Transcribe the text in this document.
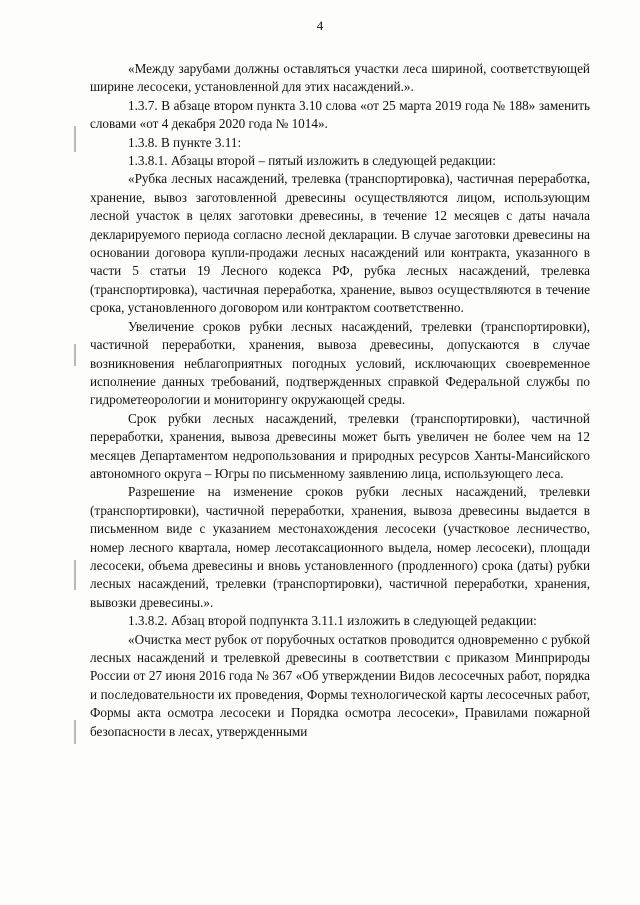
4

«Между зарубами должны оставляться участки леса шириной, соответствующей ширине лесосеки, установленной для этих насаждений.».

1.3.7. В абзаце втором пункта 3.10 слова «от 25 марта 2019 года № 188» заменить словами «от 4 декабря 2020 года № 1014».

1.3.8. В пункте 3.11:

1.3.8.1. Абзацы второй – пятый изложить в следующей редакции:

«Рубка лесных насаждений, трелевка (транспортировка), частичная переработка, хранение, вывоз заготовленной древесины осуществляются лицом, использующим лесной участок в целях заготовки древесины, в течение 12 месяцев с даты начала декларируемого периода согласно лесной декларации. В случае заготовки древесины на основании договора купли-продажи лесных насаждений или контракта, указанного в части 5 статьи 19 Лесного кодекса РФ, рубка лесных насаждений, трелевка (транспортировка), частичная переработка, хранение, вывоз осуществляются в течение срока, установленного договором или контрактом соответственно.

Увеличение сроков рубки лесных насаждений, трелевки (транспортировки), частичной переработки, хранения, вывоза древесины, допускаются в случае возникновения неблагоприятных погодных условий, исключающих своевременное исполнение данных требований, подтвержденных справкой Федеральной службы по гидрометеорологии и мониторингу окружающей среды.

Срок рубки лесных насаждений, трелевки (транспортировки), частичной переработки, хранения, вывоза древесины может быть увеличен не более чем на 12 месяцев Департаментом недропользования и природных ресурсов Ханты-Мансийского автономного округа – Югры по письменному заявлению лица, использующего леса.

Разрешение на изменение сроков рубки лесных насаждений, трелевки (транспортировки), частичной переработки, хранения, вывоза древесины выдается в письменном виде с указанием местонахождения лесосеки (участковое лесничество, номер лесного квартала, номер лесотаксационного выдела, номер лесосеки), площади лесосеки, объема древесины и вновь установленного (продленного) срока (даты) рубки лесных насаждений, трелевки (транспортировки), частичной переработки, хранения, вывозки древесины.».

1.3.8.2. Абзац второй подпункта 3.11.1 изложить в следующей редакции:

«Очистка мест рубок от порубочных остатков проводится одновременно с рубкой лесных насаждений и трелевкой древесины в соответствии с приказом Минприроды России от 27 июня 2016 года № 367 «Об утверждении Видов лесосечных работ, порядка и последовательности их проведения, Формы технологической карты лесосечных работ, Формы акта осмотра лесосеки и Порядка осмотра лесосеки», Правилами пожарной безопасности в лесах, утвержденными
